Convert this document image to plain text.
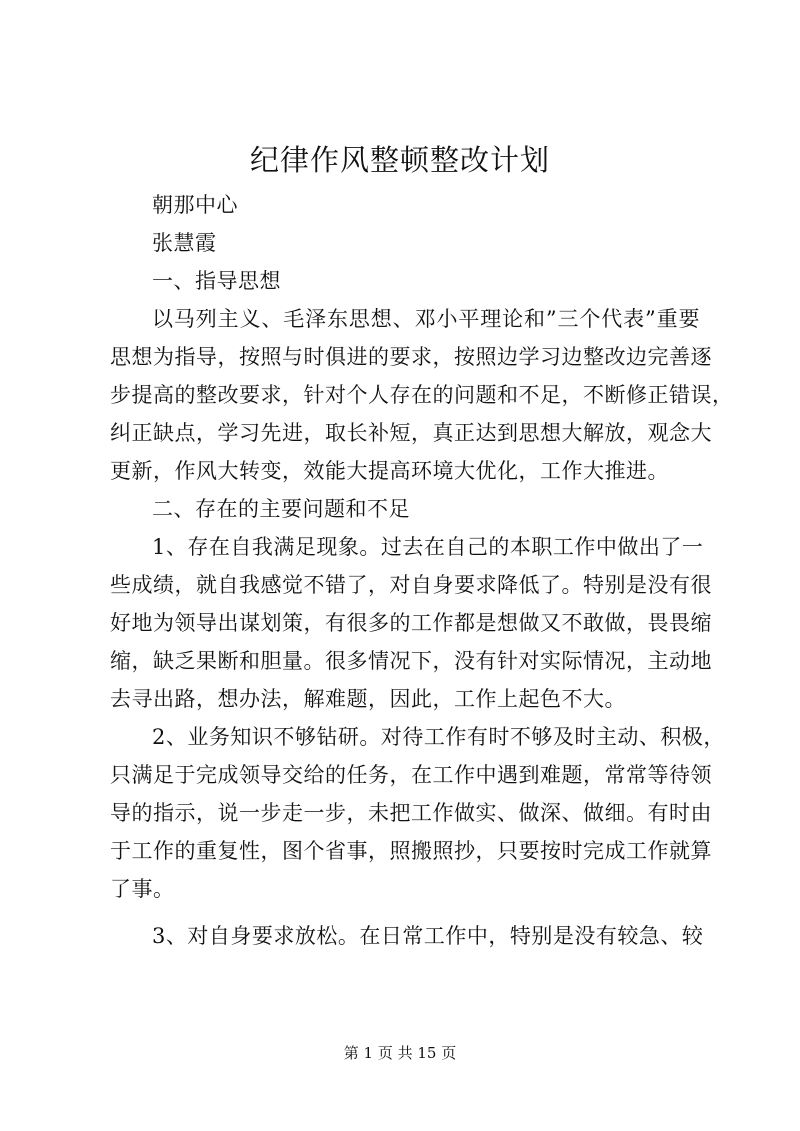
纪律作风整顿整改计划
朝那中心
张慧霞
一、指导思想
以马列主义、毛泽东思想、邓小平理论和”三个代表”重要
思想为指导，按照与时俱进的要求，按照边学习边整改边完善逐
步提高的整改要求，针对个人存在的问题和不足，不断修正错误，
纠正缺点，学习先进，取长补短，真正达到思想大解放，观念大
更新，作风大转变，效能大提高环境大优化，工作大推进。
二、存在的主要问题和不足
1、存在自我满足现象。过去在自己的本职工作中做出了一
些成绩，就自我感觉不错了，对自身要求降低了。特别是没有很
好地为领导出谋划策，有很多的工作都是想做又不敢做，畏畏缩
缩，缺乏果断和胆量。很多情况下，没有针对实际情况，主动地
去寻出路，想办法，解难题，因此，工作上起色不大。
2、业务知识不够钻研。对待工作有时不够及时主动、积极，
只满足于完成领导交给的任务，在工作中遇到难题，常常等待领
导的指示，说一步走一步，未把工作做实、做深、做细。有时由
于工作的重复性，图个省事，照搬照抄，只要按时完成工作就算
了事。
3、对自身要求放松。在日常工作中，特别是没有较急、较
第 1 页 共 15 页
